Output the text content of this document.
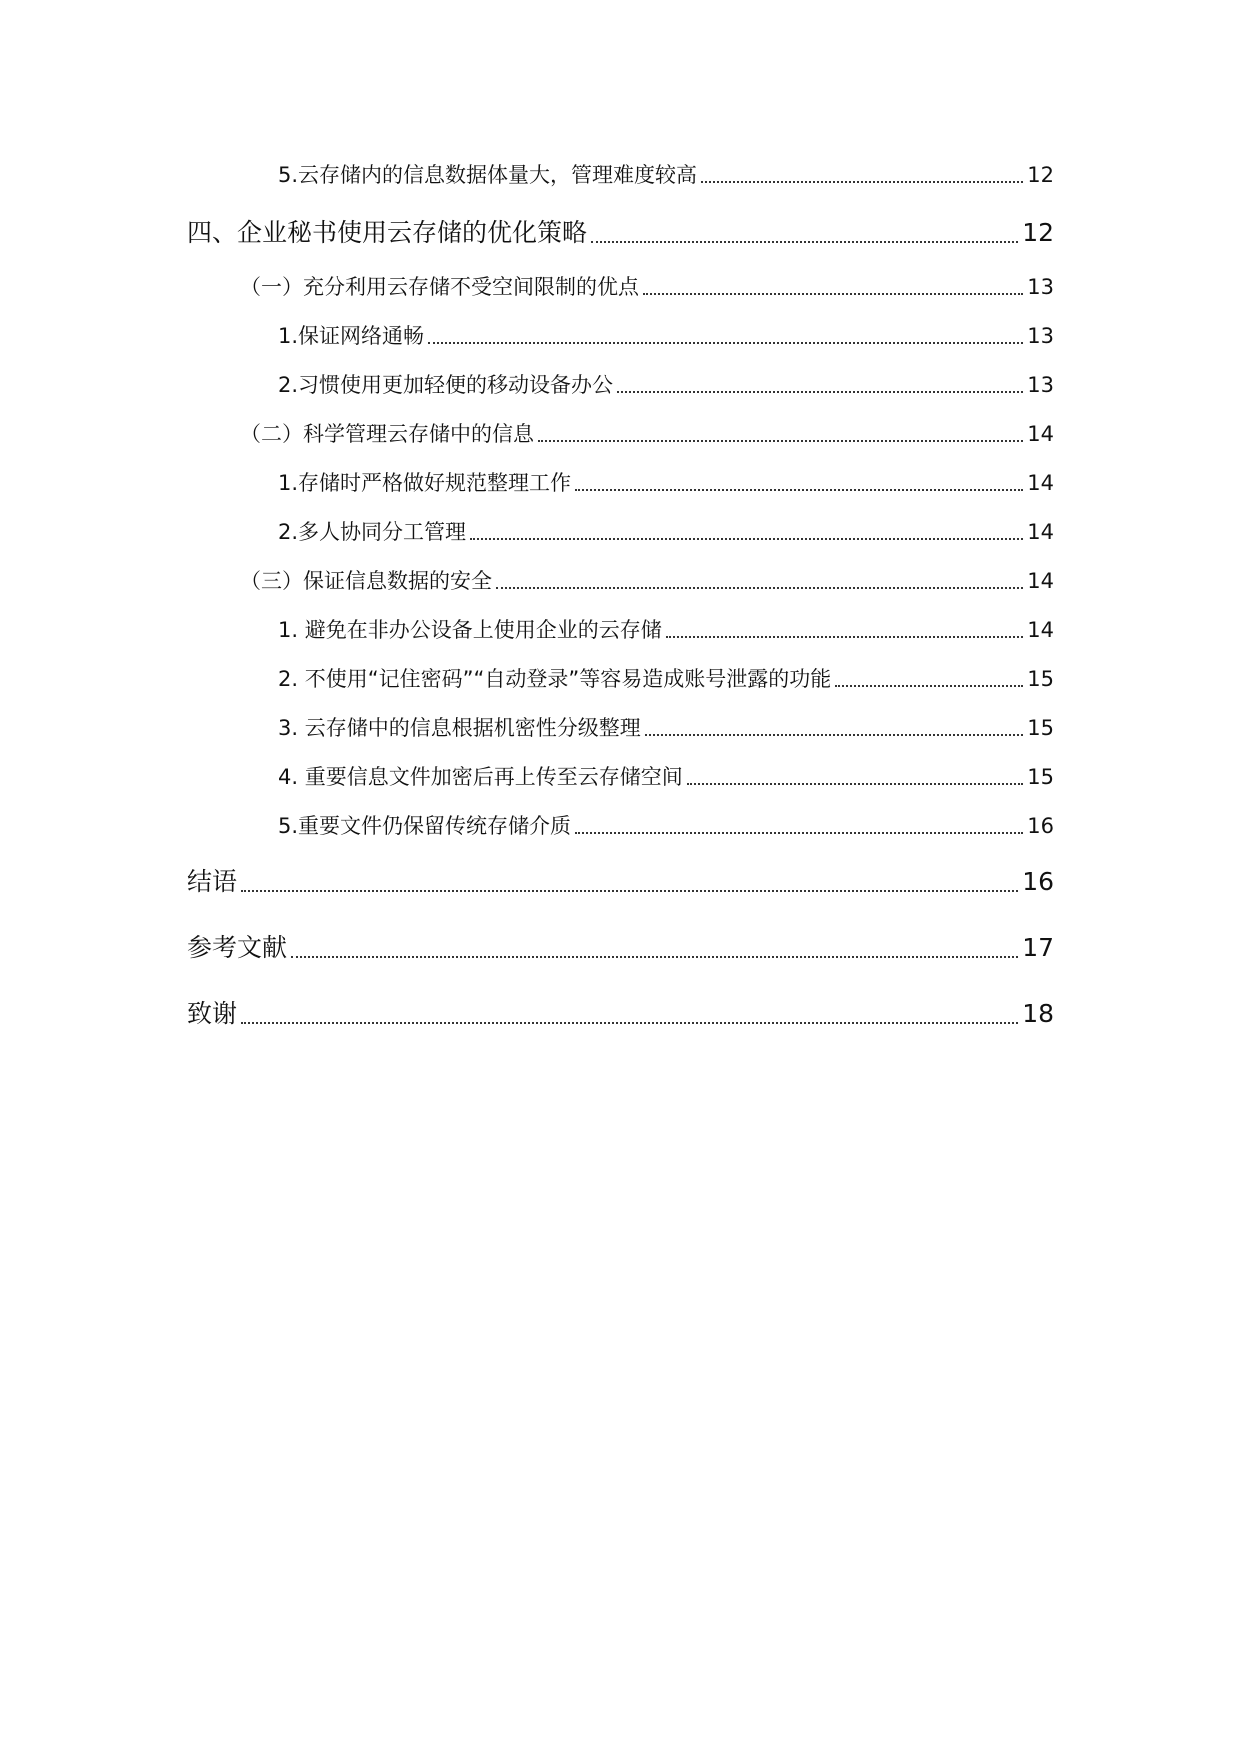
5.云存储内的信息数据体量大，管理难度较高	12
四、企业秘书使用云存储的优化策略	12
（一）充分利用云存储不受空间限制的优点	13
1.保证网络通畅	13
2.习惯使用更加轻便的移动设备办公	13
（二）科学管理云存储中的信息	14
1.存储时严格做好规范整理工作	14
2.多人协同分工管理	14
（三）保证信息数据的安全	14
1. 避免在非办公设备上使用企业的云存储	14
2. 不使用“记住密码”“自动登录”等容易造成账号泄露的功能	15
3. 云存储中的信息根据机密性分级整理	15
4. 重要信息文件加密后再上传至云存储空间	15
5.重要文件仍保留传统存储介质	16
结语	16
参考文献	17
致谢	18
